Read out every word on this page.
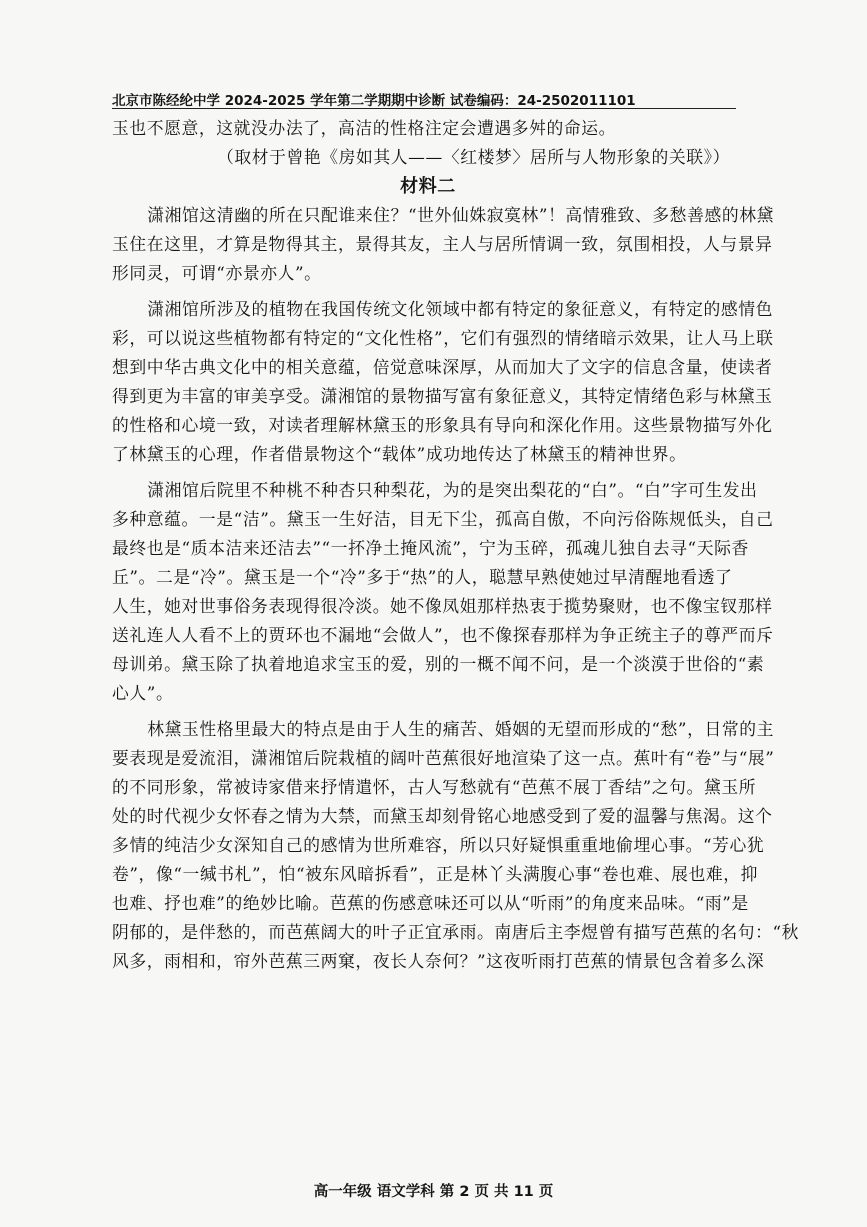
北京市陈经纶中学 2024-2025 学年第二学期期中诊断 试卷编码：24-2502011101
玉也不愿意，这就没办法了，高洁的性格注定会遭遇多舛的命运。
（取材于曾艳《房如其人——〈红楼梦〉居所与人物形象的关联》）
材料二
潇湘馆这清幽的所在只配谁来住？“世外仙姝寂寞林”！高情雅致、多愁善感的林黛
玉住在这里，才算是物得其主，景得其友，主人与居所情调一致，氛围相投，人与景异
形同灵，可谓“亦景亦人”。
潇湘馆所涉及的植物在我国传统文化领域中都有特定的象征意义，有特定的感情色
彩，可以说这些植物都有特定的“文化性格”，它们有强烈的情绪暗示效果，让人马上联
想到中华古典文化中的相关意蕴，倍觉意味深厚，从而加大了文字的信息含量，使读者
得到更为丰富的审美享受。潇湘馆的景物描写富有象征意义，其特定情绪色彩与林黛玉
的性格和心境一致，对读者理解林黛玉的形象具有导向和深化作用。这些景物描写外化
了林黛玉的心理，作者借景物这个“载体”成功地传达了林黛玉的精神世界。
潇湘馆后院里不种桃不种杏只种梨花，为的是突出梨花的“白”。“白”字可生发出
多种意蕴。一是“洁”。黛玉一生好洁，目无下尘，孤高自傲，不向污俗陈规低头，自己
最终也是“质本洁来还洁去”“一抔净土掩风流”，宁为玉碎，孤魂儿独自去寻“天际香
丘”。二是“冷”。黛玉是一个“冷”多于“热”的人，聪慧早熟使她过早清醒地看透了
人生，她对世事俗务表现得很冷淡。她不像凤姐那样热衷于揽势聚财，也不像宝钗那样
送礼连人人看不上的贾环也不漏地“会做人”，也不像探春那样为争正统主子的尊严而斥
母训弟。黛玉除了执着地追求宝玉的爱，别的一概不闻不问，是一个淡漠于世俗的“素
心人”。
林黛玉性格里最大的特点是由于人生的痛苦、婚姻的无望而形成的“愁”，日常的主
要表现是爱流泪，潇湘馆后院栽植的阔叶芭蕉很好地渲染了这一点。蕉叶有“卷”与“展”
的不同形象，常被诗家借来抒情遣怀，古人写愁就有“芭蕉不展丁香结”之句。黛玉所
处的时代视少女怀春之情为大禁，而黛玉却刻骨铭心地感受到了爱的温馨与焦渴。这个
多情的纯洁少女深知自己的感情为世所难容，所以只好疑惧重重地偷埋心事。“芳心犹
卷”，像“一缄书札”，怕“被东风暗拆看”，正是林丫头满腹心事“卷也难、展也难，抑
也难、抒也难”的绝妙比喻。芭蕉的伤感意味还可以从“听雨”的角度来品味。“雨”是
阴郁的，是伴愁的，而芭蕉阔大的叶子正宜承雨。南唐后主李煜曾有描写芭蕉的名句：“秋
风多，雨相和，帘外芭蕉三两窠，夜长人奈何？”这夜听雨打芭蕉的情景包含着多么深
高一年级 语文学科 第 2 页 共 11 页
